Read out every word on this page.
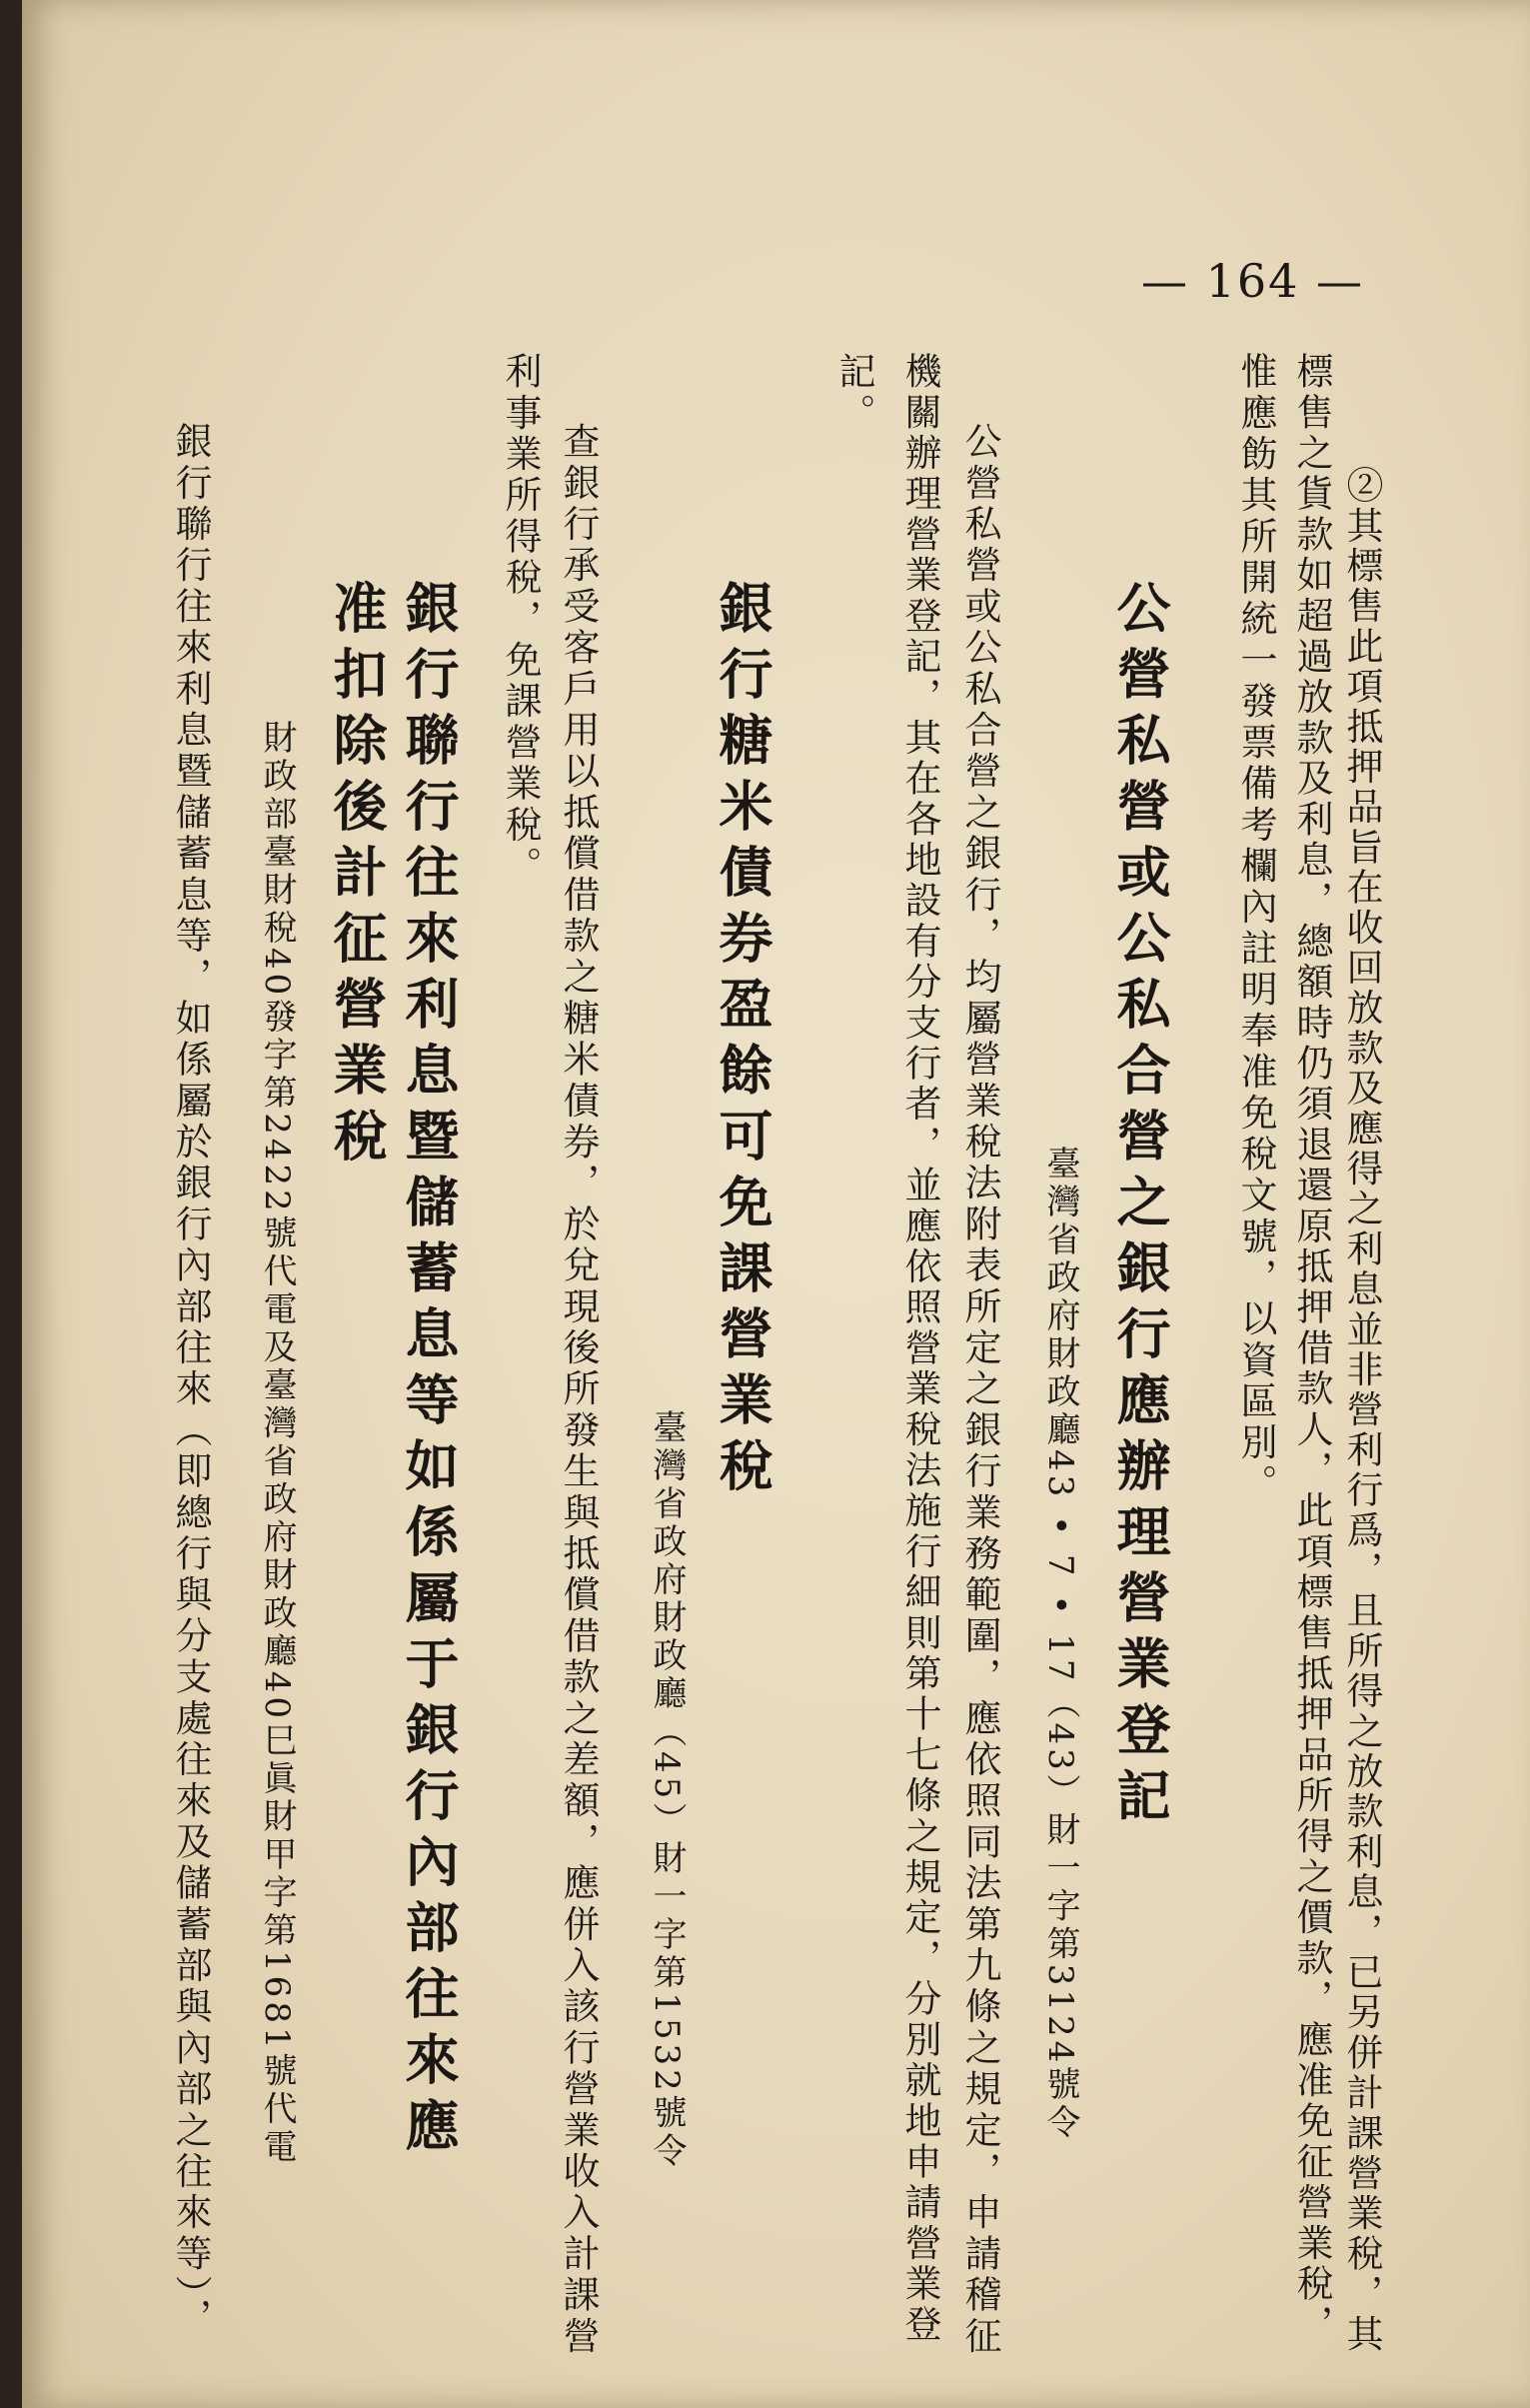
— 164 —
②其標售此項抵押品旨在收回放款及應得之利息並非營利行爲，且所得之放款利息，已另併計課營業稅，其
標售之貨款如超過放款及利息，總額時仍須退還原抵押借款人，此項標售抵押品所得之價款，應准免征營業稅，
惟應飭其所開統一發票備考欄內註明奉准免稅文號，以資區別。
公營私營或公私合營之銀行應辦理營業登記
臺灣省政府財政廳43 • 7 • 17（43）財一字第3124號令
公營私營或公私合營之銀行，均屬營業稅法附表所定之銀行業務範圍，應依照同法第九條之規定，申請稽征
機關辦理營業登記，其在各地設有分支行者，並應依照營業稅法施行細則第十七條之規定，分別就地申請營業登
記。
銀行糖米債券盈餘可免課營業稅
臺灣省政府財政廳（45）財一字第1532號令
查銀行承受客戶用以抵償借款之糖米債券，於兌現後所發生與抵償借款之差額，應併入該行營業收入計課營
利事業所得稅，免課營業稅。
銀行聯行往來利息暨儲蓄息等如係屬于銀行內部往來應
准扣除後計征營業稅
財政部臺財稅40發字第2422號代電及臺灣省政府財政廳40巳眞財甲字第1681號代電
銀行聯行往來利息暨儲蓄息等，如係屬於銀行內部往來（即總行與分支處往來及儲蓄部與內部之往來等），
